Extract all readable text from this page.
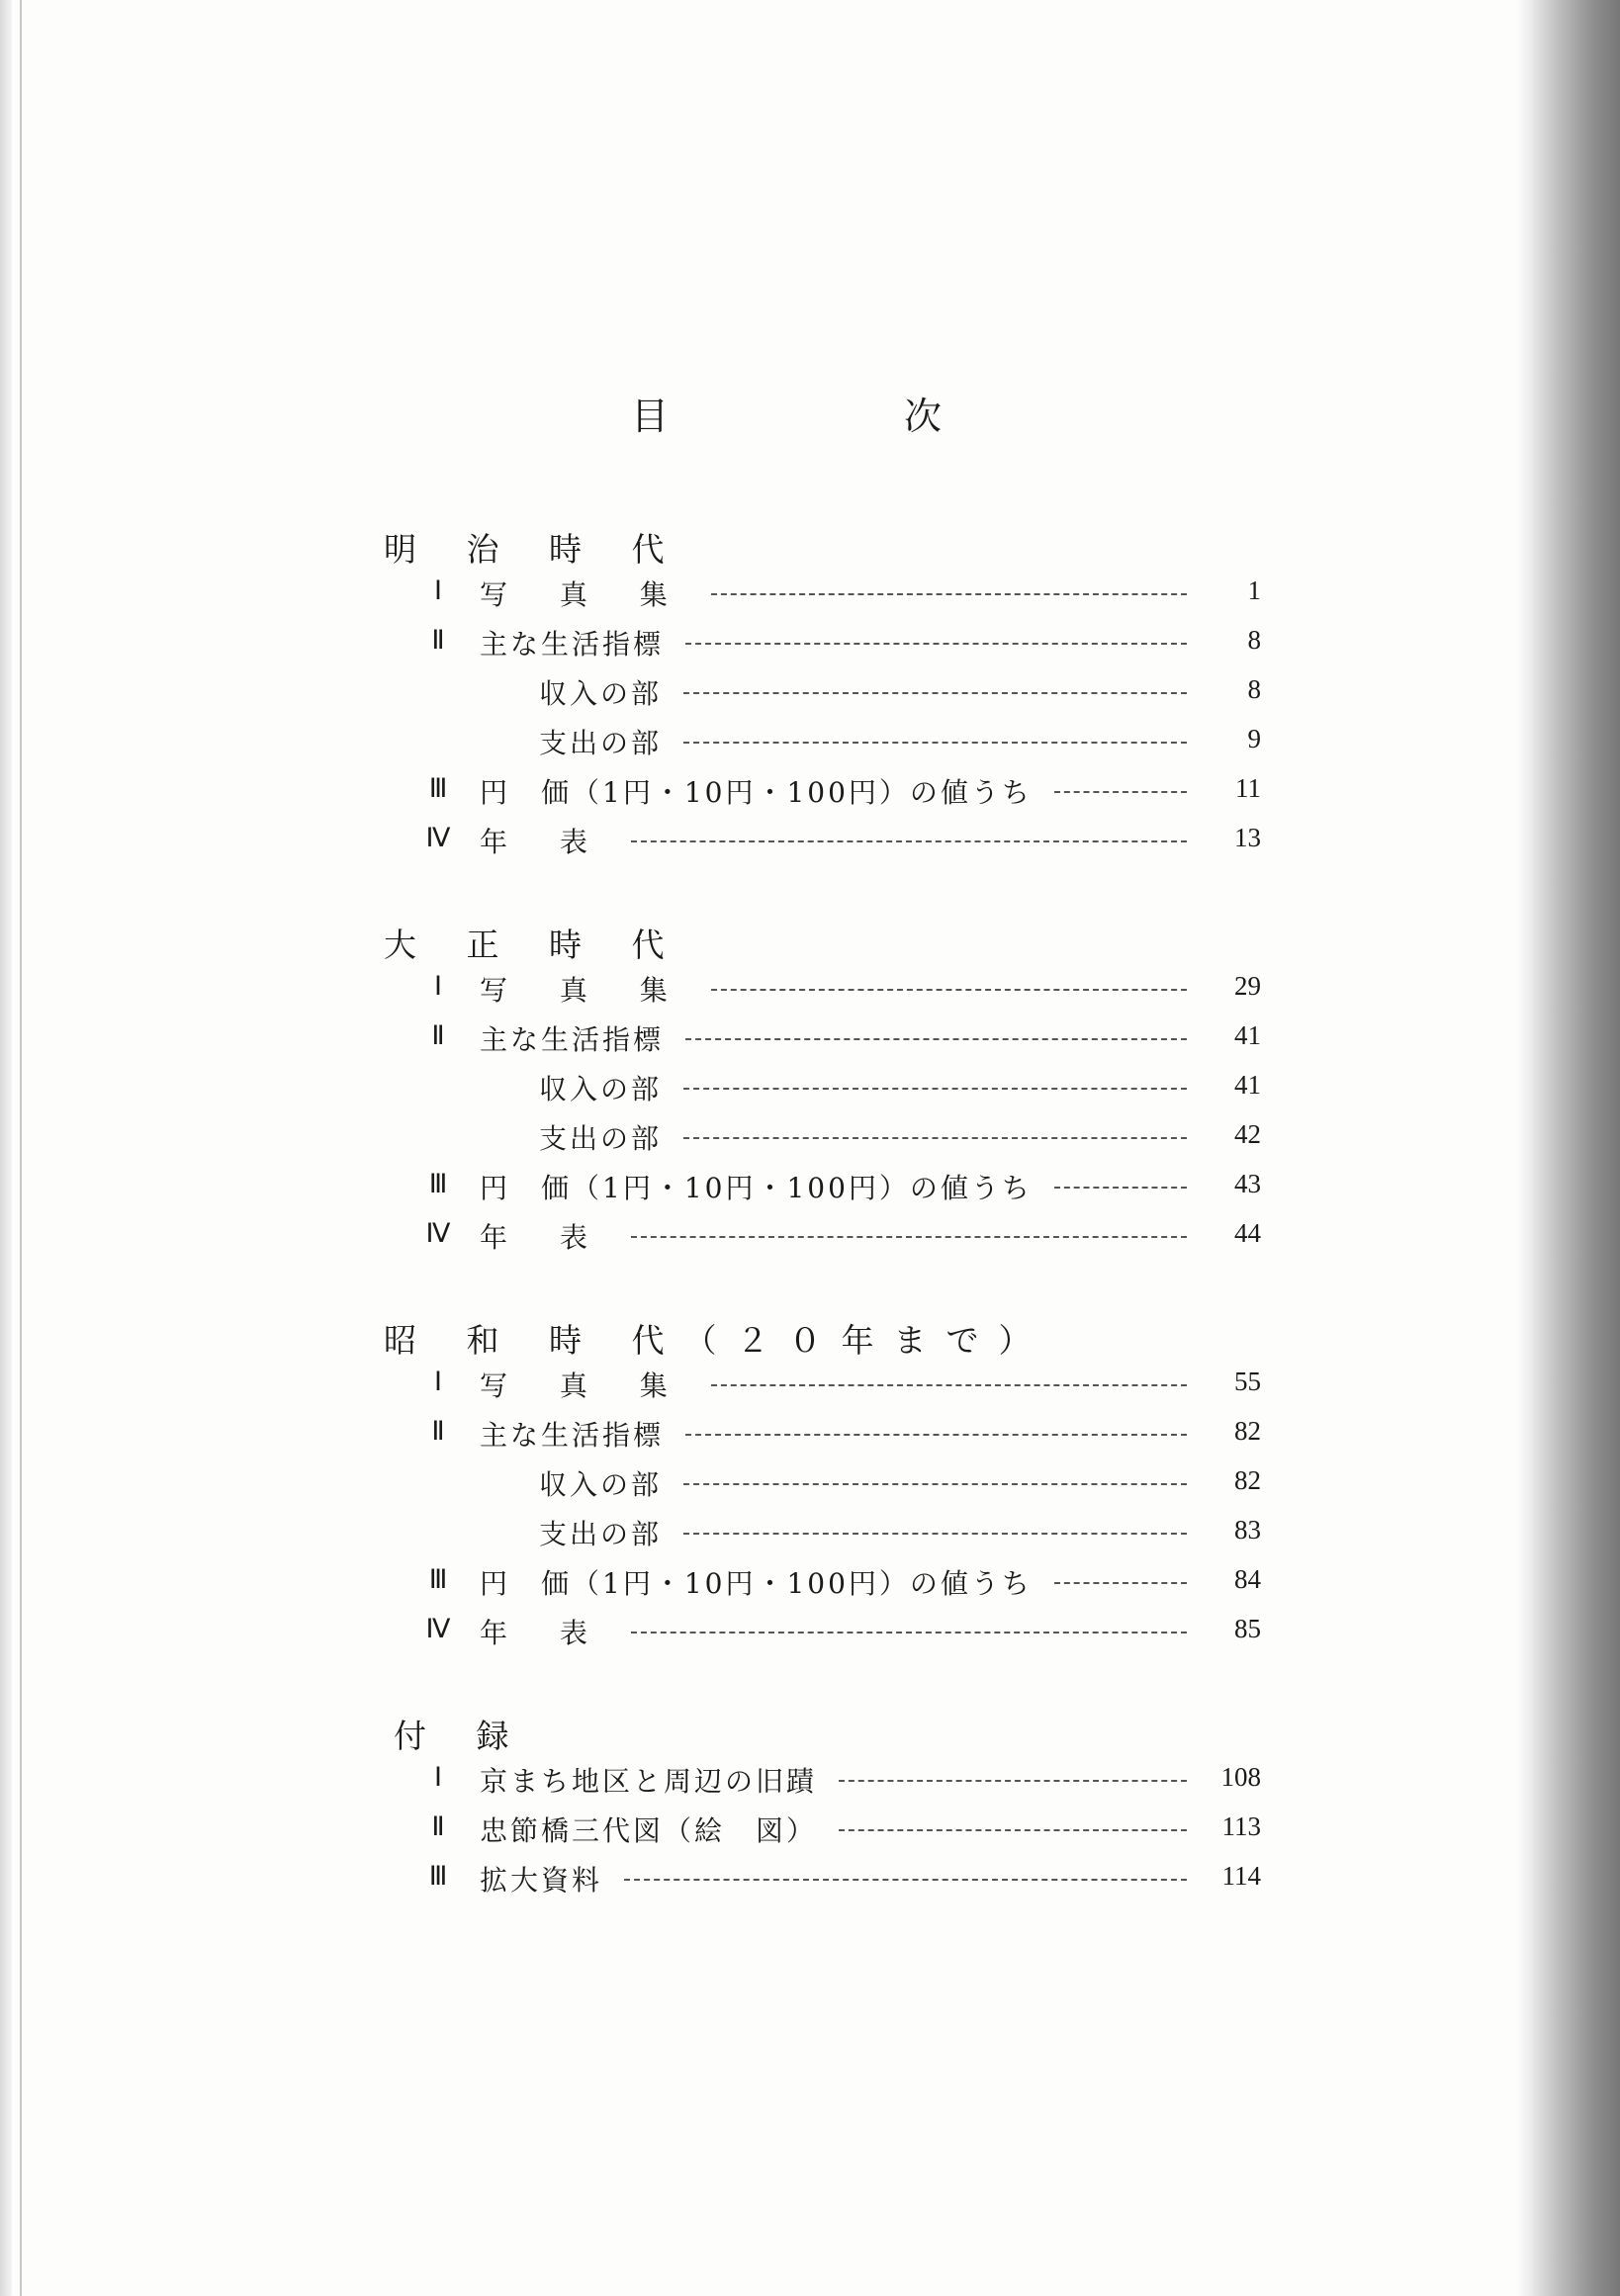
目　次
明 治 時 代
Ⅰ	写 真 集	1
Ⅱ	主な生活指標	8
収入の部	8
支出の部	9
Ⅲ	円　価（1円・10円・100円）の値うち	11
Ⅳ 年 表	13
大 正 時 代
Ⅰ	写 真 集	29
Ⅱ	主な生活指標	41
収入の部	41
支出の部	42
Ⅲ	円　価（1円・10円・100円）の値うち	43
Ⅳ 年 表	44
昭 和 時 代（２０年まで）
Ⅰ	写 真 集	55
Ⅱ	主な生活指標	82
収入の部	82
支出の部	83
Ⅲ	円　価（1円・10円・100円）の値うち	84
Ⅳ 年 表	85
付 録
Ⅰ	京まち地区と周辺の旧蹟	108
Ⅱ	忠節橋三代図（絵　図）	113
Ⅲ	拡大資料	114
